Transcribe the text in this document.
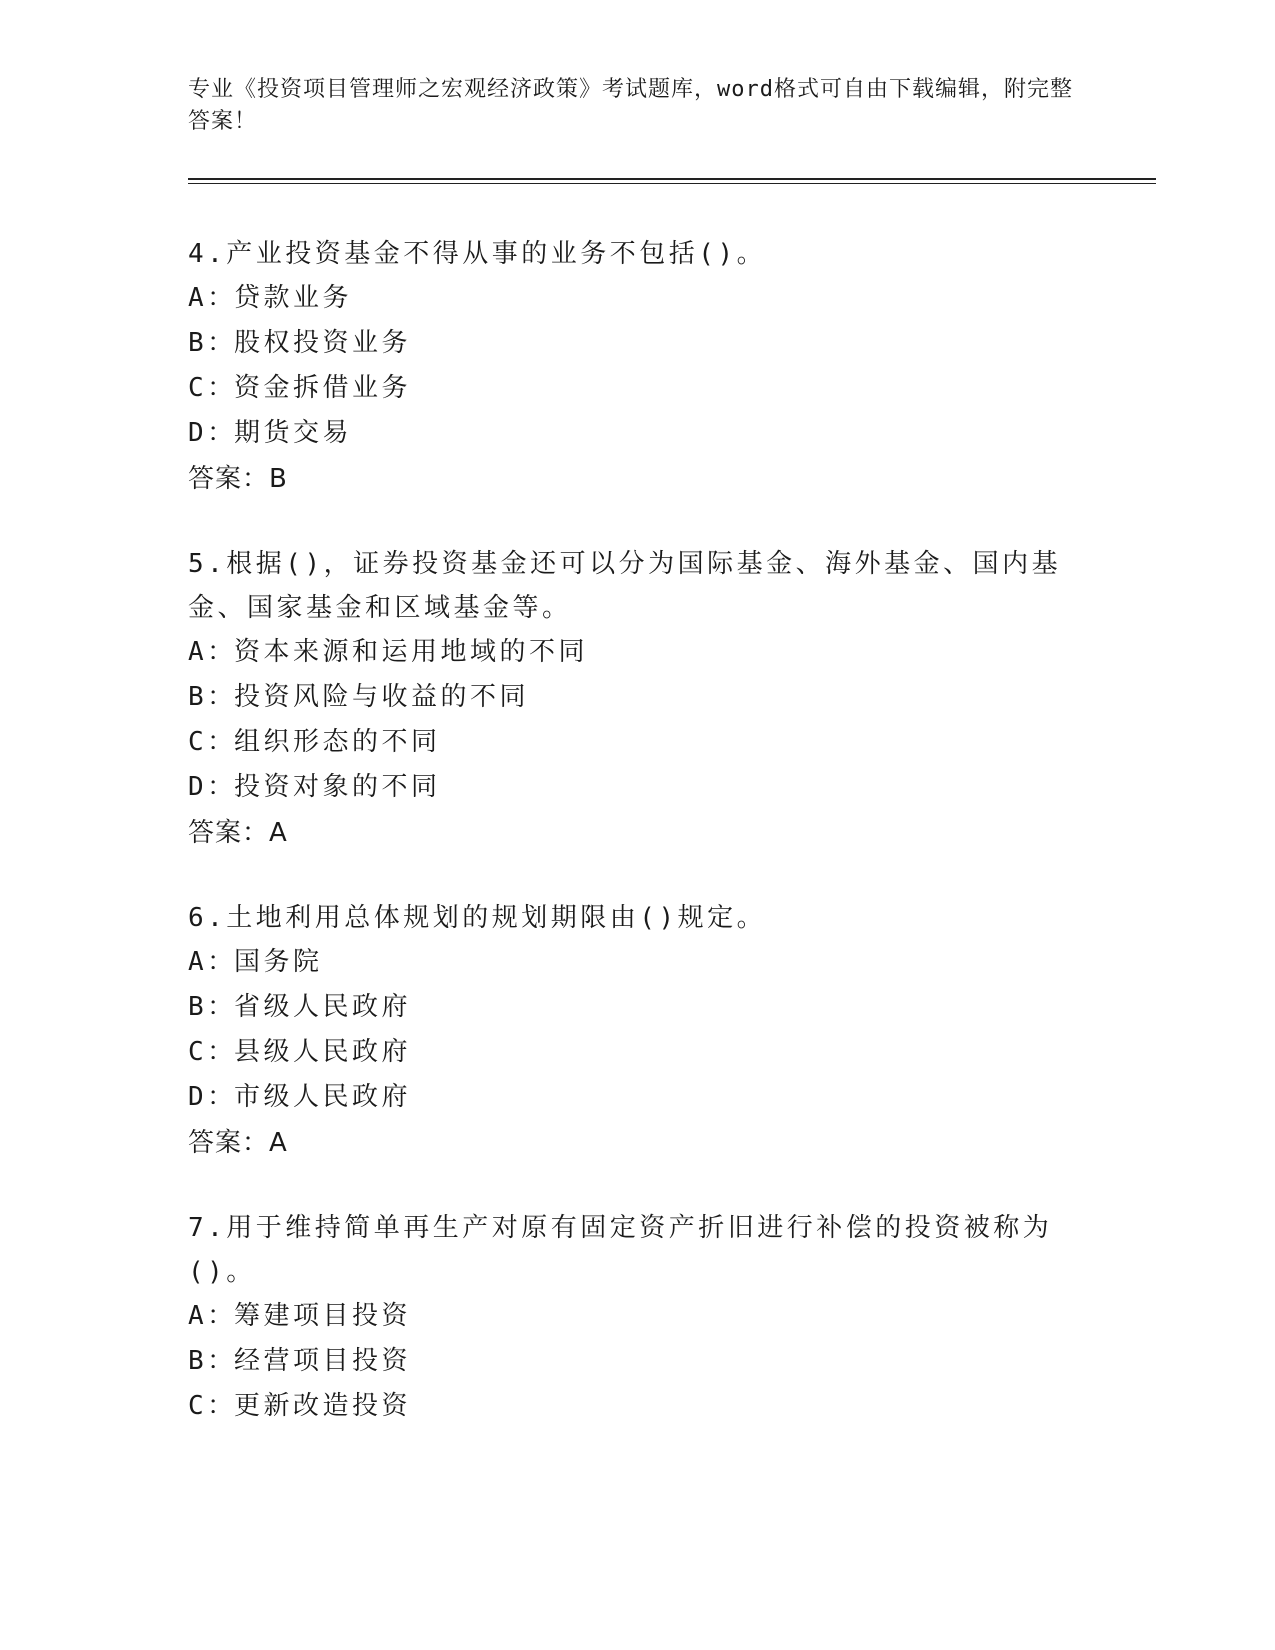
专业《投资项目管理师之宏观经济政策》考试题库，word格式可自由下载编辑，附完整答案！

4.产业投资基金不得从事的业务不包括()。

A：
贷款业务
B：
股权投资业务
C：
资金拆借业务
D：
期货交易
答案：B

5.根据()，证券投资基金还可以分为国际基金、海外基金、国内基金、国家基金和区域基金等。

A：
资本来源和运用地域的不同
B：
投资风险与收益的不同
C：
组织形态的不同
D：
投资对象的不同
答案：A

6.土地利用总体规划的规划期限由()规定。

A：
国务院
B：
省级人民政府
C：
县级人民政府
D：
市级人民政府
答案：A

7.用于维持简单再生产对原有固定资产折旧进行补偿的投资被称为()。

A：
筹建项目投资
B：
经营项目投资
C：
更新改造投资
